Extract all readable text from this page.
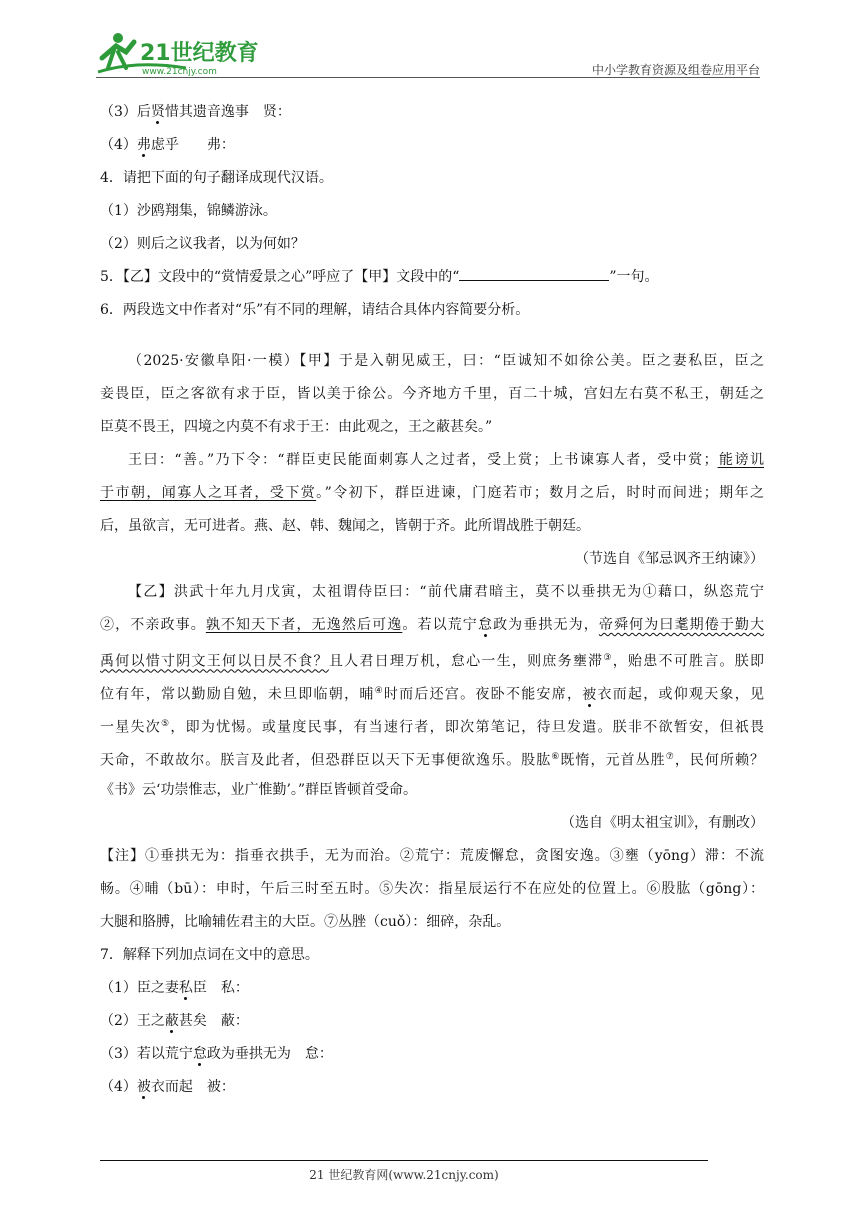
21世纪教育
www.21cnjy.com	中小学教育资源及组卷应用平台
（3）后贤惜其遗音逸事　贤：
（4）弗虑乎　　弗：
4．请把下面的句子翻译成现代汉语。
（1）沙鸥翔集，锦鳞游泳。
（2）则后之议我者，以为何如？
5．【乙】文段中的“赏情爱景之心”呼应了【甲】文段中的“	”一句。
6．两段选文中作者对“乐”有不同的理解，请结合具体内容简要分析。
（2025·安徽阜阳·一模）【甲】于是入朝见威王，曰：“臣诚知不如徐公美。臣之妻私臣，臣之
妾畏臣，臣之客欲有求于臣，皆以美于徐公。今齐地方千里，百二十城，宫妇左右莫不私王，朝廷之
臣莫不畏王，四境之内莫不有求于王：由此观之，王之蔽甚矣。”
王曰：“善。”乃下令：“群臣吏民能面刺寡人之过者，受上赏；上书谏寡人者，受中赏；能谤讥
于市朝，闻寡人之耳者，受下赏。”令初下，群臣进谏，门庭若市；数月之后，时时而间进；期年之
后，虽欲言，无可进者。燕、赵、韩、魏闻之，皆朝于齐。此所谓战胜于朝廷。
（节选自《邹忌讽齐王纳谏》）
【乙】洪武十年九月戊寅，太祖谓侍臣曰：“前代庸君暗主，莫不以垂拱无为①藉口，纵恣荒宁
②，不亲政事。孰不知天下者，无逸然后可逸。若以荒宁怠政为垂拱无为，帝舜何为曰耄期倦于勤大
禹何以惜寸阴文王何以日昃不食？且人君日理万机，怠心一生，则庶务壅滞③，贻患不可胜言。朕即
位有年，常以勤励自勉，未旦即临朝，晡④时而后还宫。夜卧不能安席，被衣而起，或仰观天象，见
一星失次⑤，即为忧惕。或量度民事，有当速行者，即次第笔记，待旦发遣。朕非不欲暂安，但祇畏
天命，不敢故尔。朕言及此者，但恐群臣以天下无事便欲逸乐。股肱⑥既惰，元首丛胜⑦，民何所赖？
《书》云‘功崇惟志，业广惟勤’。”群臣皆顿首受命。
（选自《明太祖宝训》，有删改）
【注】①垂拱无为：指垂衣拱手，无为而治。②荒宁：荒废懈怠，贪图安逸。③壅（yōng）滞：不流
畅。④晡（bū）：申时，午后三时至五时。⑤失次：指星辰运行不在应处的位置上。⑥股肱（gōng）：
大腿和胳膊，比喻辅佐君主的大臣。⑦丛脞（cuǒ）：细碎，杂乱。
7．解释下列加点词在文中的意思。
（1）臣之妻私臣　私：
（2）王之蔽甚矣　蔽：
（3）若以荒宁怠政为垂拱无为　怠：
（4）被衣而起　被：
21 世纪教育网(www.21cnjy.com)
